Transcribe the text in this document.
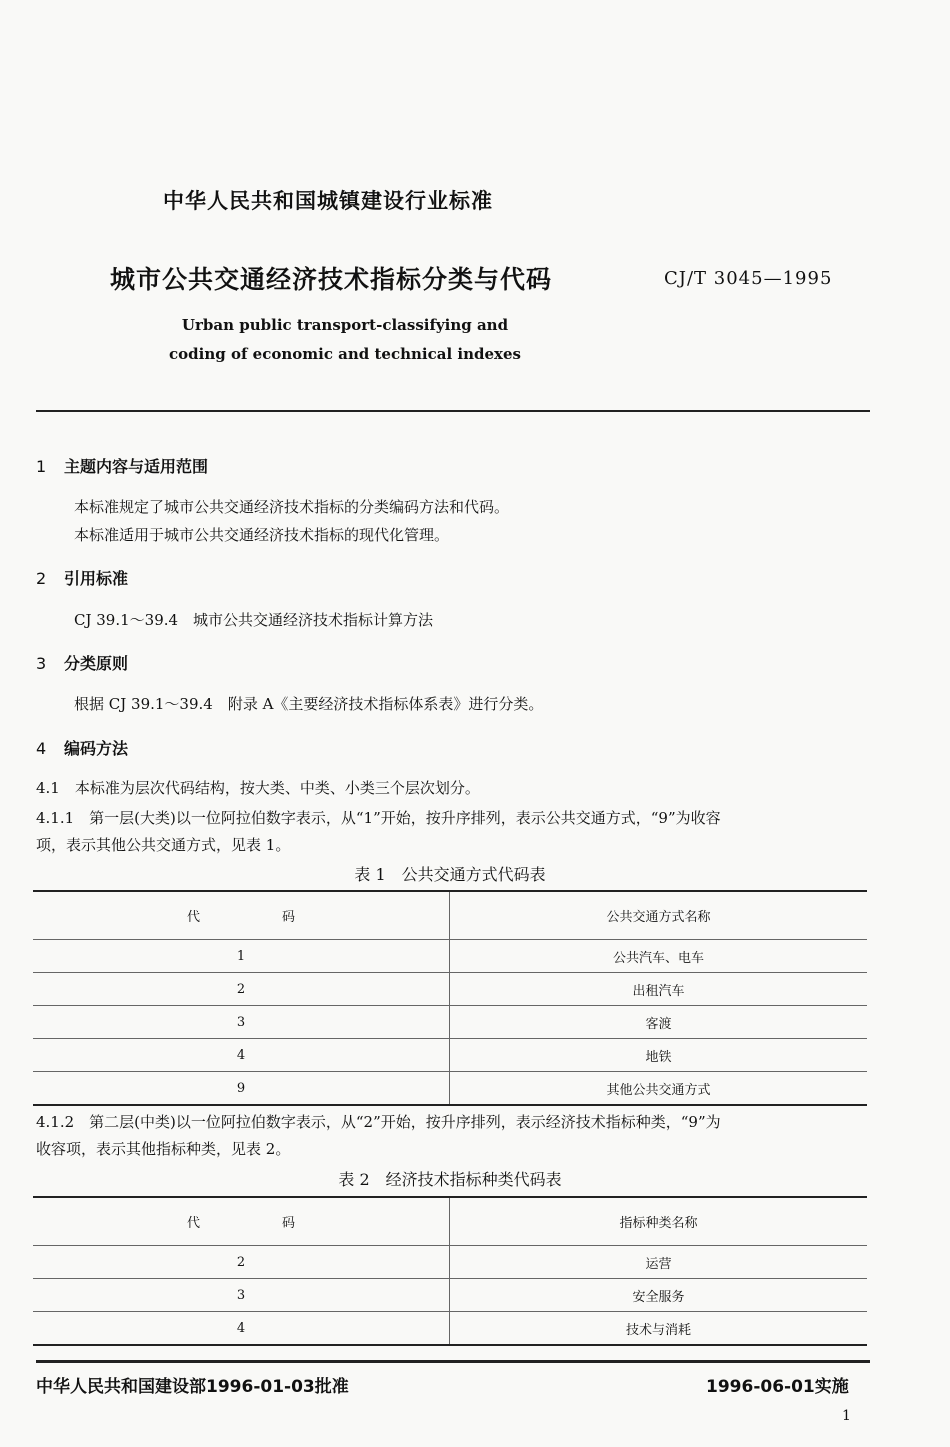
中华人民共和国城镇建设行业标准
城市公共交通经济技术指标分类与代码	CJ/T 3045—1995
Urban public transport-classifying and
coding of economic and technical indexes
1 主题内容与适用范围
本标准规定了城市公共交通经济技术指标的分类编码方法和代码。
本标准适用于城市公共交通经济技术指标的现代化管理。
2 引用标准
CJ 39.1～39.4　城市公共交通经济技术指标计算方法
3 分类原则
根据 CJ 39.1～39.4　附录 A《主要经济技术指标体系表》进行分类。
4 编码方法
4.1　本标准为层次代码结构，按大类、中类、小类三个层次划分。
4.1.1　第一层(大类)以一位阿拉伯数字表示，从“1”开始，按升序排列，表示公共交通方式，“9”为收容
项，表示其他公共交通方式，见表 1。
表 1　公共交通方式代码表
代码	公共交通方式名称
1	公共汽车、电车
2	出租汽车
3	客渡
4	地铁
9	其他公共交通方式
4.1.2　第二层(中类)以一位阿拉伯数字表示，从“2”开始，按升序排列，表示经济技术指标种类，“9”为
收容项，表示其他指标种类，见表 2。
表 2　经济技术指标种类代码表
代码	指标种类名称
2	运营
3	安全服务
4	技术与消耗
中华人民共和国建设部1996-01-03批准	1996-06-01实施
1
